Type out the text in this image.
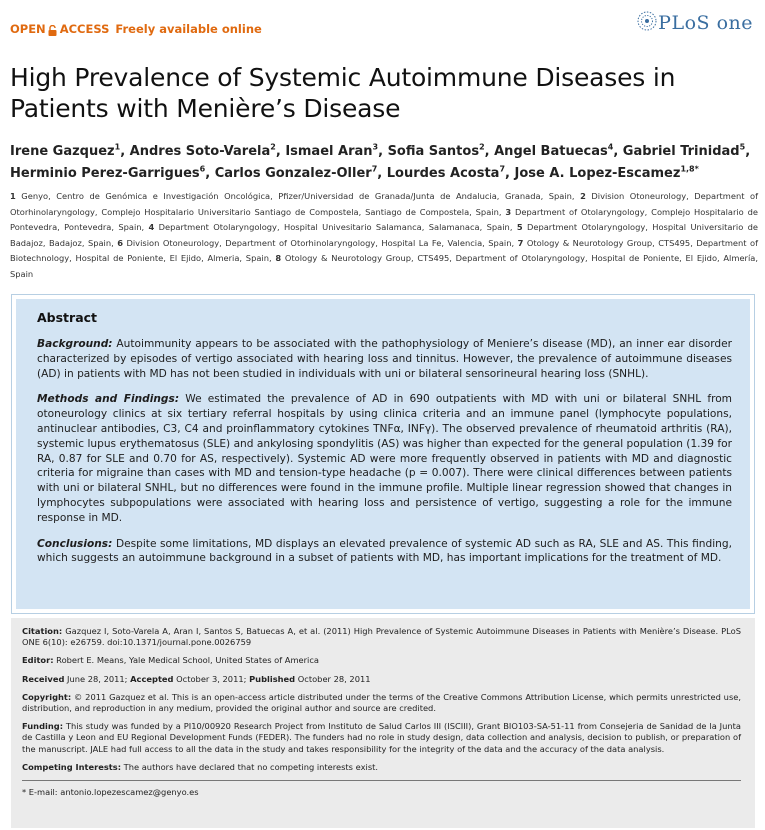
OPEN ACCESS Freely available online	PLoS one
High Prevalence of Systemic Autoimmune Diseases in Patients with Menière’s Disease
Irene Gazquez$^1$, Andres Soto-Varela$^2$, Ismael Aran$^3$, Sofia Santos$^2$, Angel Batuecas$^4$, Gabriel Trinidad$^5$, Herminio Perez-Garrigues$^6$, Carlos Gonzalez-Oller$^7$, Lourdes Acosta$^7$, Jose A. Lopez-Escamez$^{1,8*}$
1 Genyo, Centro de Genómica e Investigación Oncológica, Pfizer/Universidad de Granada/Junta de Andalucia, Granada, Spain, 2 Division Otoneurology, Department of Otorhinolaryngology, Complejo Hospitalario Universitario Santiago de Compostela, Santiago de Compostela, Spain, 3 Department of Otolaryngology, Complejo Hospitalario de Pontevedra, Pontevedra, Spain, 4 Department Otolaryngology, Hospital Univesitario Salamanca, Salamanaca, Spain, 5 Department Otolaryngology, Hospital Universitario de Badajoz, Badajoz, Spain, 6 Division Otoneurology, Department of Otorhinolaryngology, Hospital La Fe, Valencia, Spain, 7 Otology & Neurotology Group, CTS495, Department of Biotechnology, Hospital de Poniente, El Ejido, Almeria, Spain, 8 Otology & Neurotology Group, CTS495, Department of Otolaryngology, Hospital de Poniente, El Ejido, Almería, Spain
Abstract

Background: Autoimmunity appears to be associated with the pathophysiology of Meniere’s disease (MD), an inner ear disorder characterized by episodes of vertigo associated with hearing loss and tinnitus. However, the prevalence of autoimmune diseases (AD) in patients with MD has not been studied in individuals with uni or bilateral sensorineural hearing loss (SNHL).

Methods and Findings: We estimated the prevalence of AD in 690 outpatients with MD with uni or bilateral SNHL from otoneurology clinics at six tertiary referral hospitals by using clinica criteria and an immune panel (lymphocyte populations, antinuclear antibodies, C3, C4 and proinflammatory cytokines TNFα, INFγ). The observed prevalence of rheumatoid arthritis (RA), systemic lupus erythematosus (SLE) and ankylosing spondylitis (AS) was higher than expected for the general population (1.39 for RA, 0.87 for SLE and 0.70 for AS, respectively). Systemic AD were more frequently observed in patients with MD and diagnostic criteria for migraine than cases with MD and tension-type headache (p = 0.007). There were clinical differences between patients with uni or bilateral SNHL, but no differences were found in the immune profile. Multiple linear regression showed that changes in lymphocytes subpopulations were associated with hearing loss and persistence of vertigo, suggesting a role for the immune response in MD.

Conclusions: Despite some limitations, MD displays an elevated prevalence of systemic AD such as RA, SLE and AS. This finding, which suggests an autoimmune background in a subset of patients with MD, has important implications for the treatment of MD.

Citation: Gazquez I, Soto-Varela A, Aran I, Santos S, Batuecas A, et al. (2011) High Prevalence of Systemic Autoimmune Diseases in Patients with Menière’s Disease. PLoS ONE 6(10): e26759. doi:10.1371/journal.pone.0026759

Editor: Robert E. Means, Yale Medical School, United States of America

Received June 28, 2011; Accepted October 3, 2011; Published October 28, 2011

Copyright: © 2011 Gazquez et al. This is an open-access article distributed under the terms of the Creative Commons Attribution License, which permits unrestricted use, distribution, and reproduction in any medium, provided the original author and source are credited.

Funding: This study was funded by a PI10/00920 Research Project from Instituto de Salud Carlos III (ISCIII), Grant BIO103-SA-51-11 from Consejeria de Sanidad de la Junta de Castilla y Leon and EU Regional Development Funds (FEDER). The funders had no role in study design, data collection and analysis, decision to publish, or preparation of the manuscript. JALE had full access to all the data in the study and takes responsibility for the integrity of the data and the accuracy of the data analysis.

Competing Interests: The authors have declared that no competing interests exist.

* E-mail: antonio.lopezescamez@genyo.es
